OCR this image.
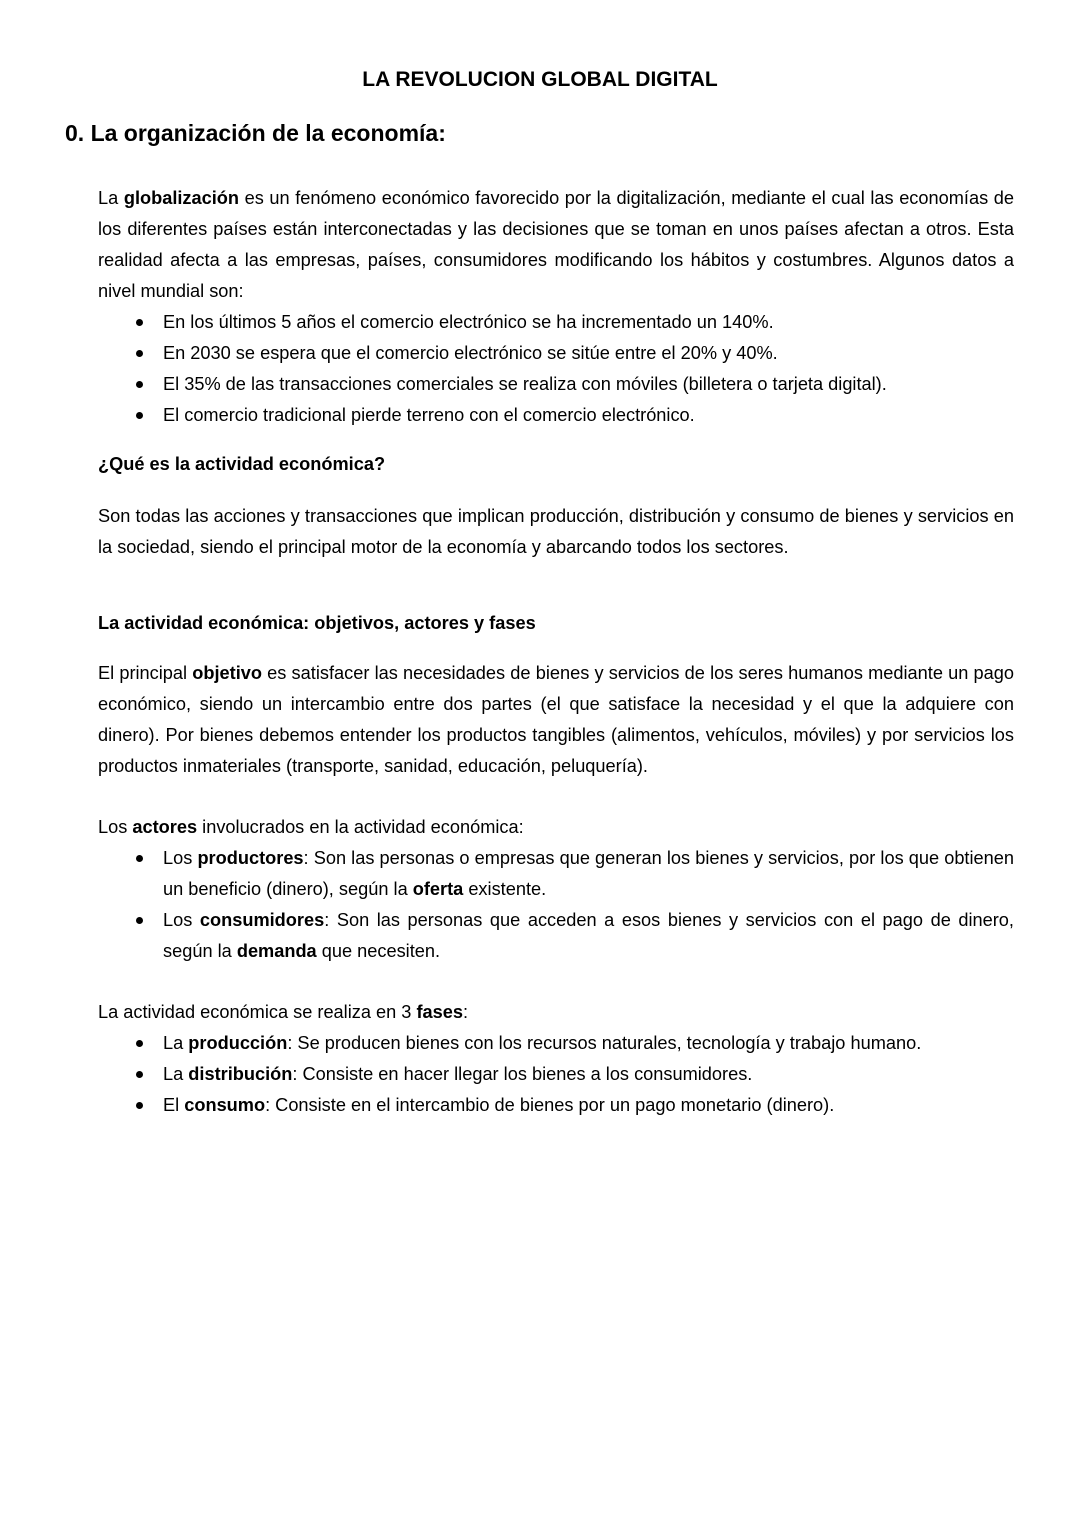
LA REVOLUCION GLOBAL DIGITAL
0. La organización de la economía:
La globalización es un fenómeno económico favorecido por la digitalización, mediante el cual las economías de los diferentes países están interconectadas y las decisiones que se toman en unos países afectan a otros. Esta realidad afecta a las empresas, países, consumidores modificando los hábitos y costumbres. Algunos datos a nivel mundial son:
En los últimos 5 años el comercio electrónico se ha incrementado un 140%.
En 2030 se espera que el comercio electrónico se sitúe entre el 20% y 40%.
El 35% de las transacciones comerciales se realiza con móviles (billetera o tarjeta digital).
El comercio tradicional pierde terreno con el comercio electrónico.
¿Qué es la actividad económica?
Son todas las acciones y transacciones que implican producción, distribución y consumo de bienes y servicios en la sociedad, siendo el principal motor de la economía y abarcando todos los sectores.
La actividad económica: objetivos, actores y fases
El principal objetivo es satisfacer las necesidades de bienes y servicios de los seres humanos mediante un pago económico, siendo un intercambio entre dos partes (el que satisface la necesidad y el que la adquiere con dinero). Por bienes debemos entender los productos tangibles (alimentos, vehículos, móviles) y por servicios los productos inmateriales (transporte, sanidad, educación, peluquería).
Los actores involucrados en la actividad económica:
Los productores: Son las personas o empresas que generan los bienes y servicios, por los que obtienen un beneficio (dinero), según la oferta existente.
Los consumidores: Son las personas que acceden a esos bienes y servicios con el pago de dinero, según la demanda que necesiten.
La actividad económica se realiza en 3 fases:
La producción: Se producen bienes con los recursos naturales, tecnología y trabajo humano.
La distribución: Consiste en hacer llegar los bienes a los consumidores.
El consumo: Consiste en el intercambio de bienes por un pago monetario (dinero).
